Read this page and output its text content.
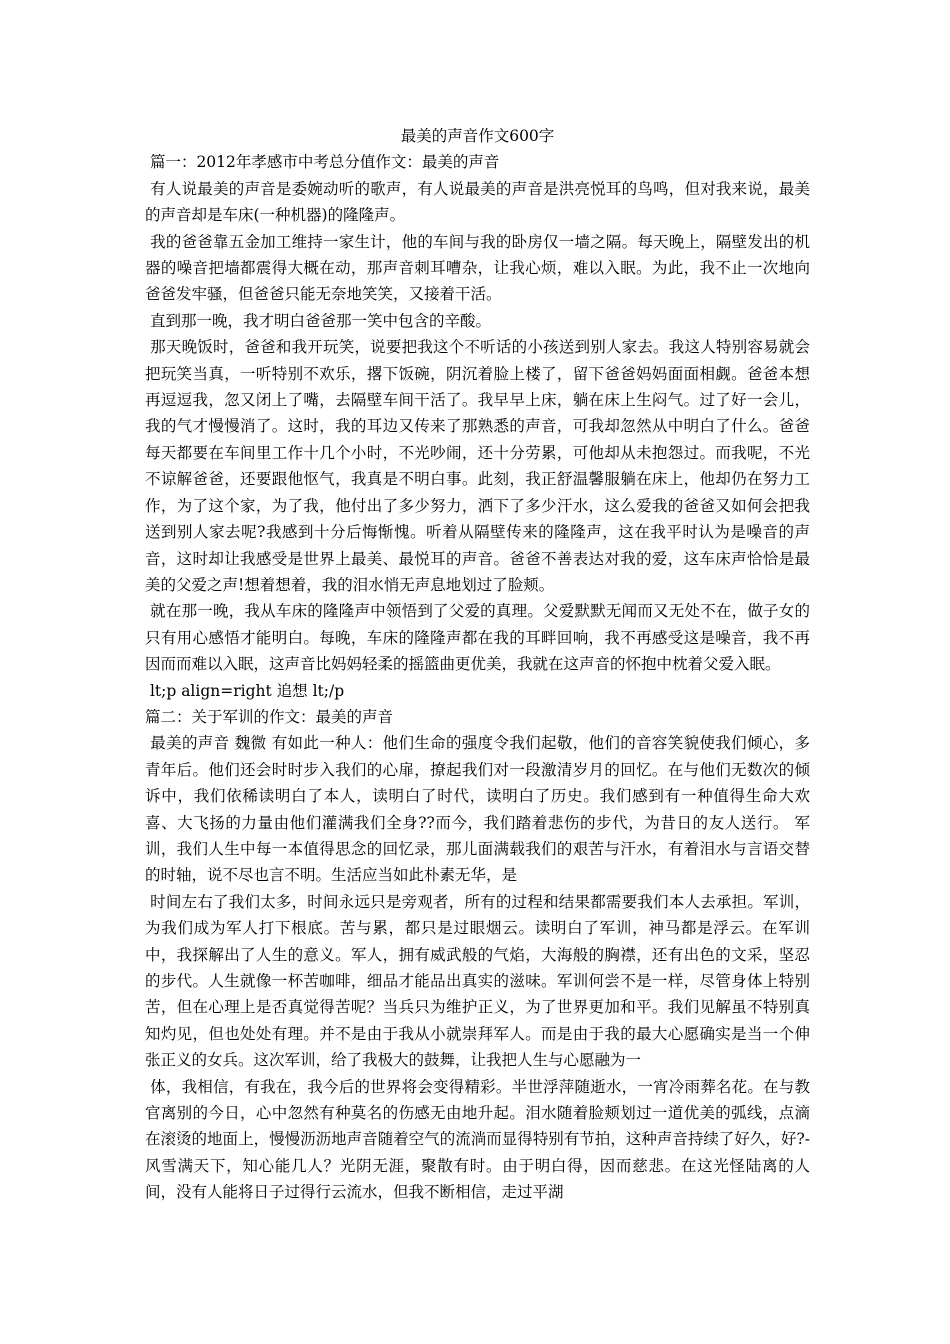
最美的声音作文600字
篇一：2012年孝感市中考总分值作文：最美的声音
有人说最美的声音是委婉动听的歌声，有人说最美的声音是洪亮悦耳的鸟鸣，但对我来说，最美的声音却是车床(一种机器)的隆隆声。
我的爸爸靠五金加工维持一家生计，他的车间与我的卧房仅一墙之隔。每天晚上，隔壁发出的机器的噪音把墙都震得大概在动，那声音刺耳嘈杂，让我心烦，难以入眠。为此，我不止一次地向爸爸发牢骚，但爸爸只能无奈地笑笑，又接着干活。
直到那一晚，我才明白爸爸那一笑中包含的辛酸。
那天晚饭时，爸爸和我开玩笑，说要把我这个不听话的小孩送到别人家去。我这人特别容易就会把玩笑当真，一听特别不欢乐，撂下饭碗，阴沉着脸上楼了，留下爸爸妈妈面面相觑。爸爸本想再逗逗我，忽又闭上了嘴，去隔壁车间干活了。我早早上床，躺在床上生闷气。过了好一会儿，我的气才慢慢消了。这时，我的耳边又传来了那熟悉的声音，可我却忽然从中明白了什么。爸爸每天都要在车间里工作十几个小时，不光吵闹，还十分劳累，可他却从未抱怨过。而我呢，不光不谅解爸爸，还要跟他怄气，我真是不明白事。此刻，我正舒温馨服躺在床上，他却仍在努力工作，为了这个家，为了我，他付出了多少努力，洒下了多少汗水，这么爱我的爸爸又如何会把我送到别人家去呢?我感到十分后悔惭愧。听着从隔壁传来的隆隆声，这在我平时认为是噪音的声音，这时却让我感受是世界上最美、最悦耳的声音。爸爸不善表达对我的爱，这车床声恰恰是最美的父爱之声!想着想着，我的泪水悄无声息地划过了脸颊。
就在那一晚，我从车床的隆隆声中领悟到了父爱的真理。父爱默默无闻而又无处不在，做子女的只有用心感悟才能明白。每晚，车床的隆隆声都在我的耳畔回响，我不再感受这是噪音，我不再因而而难以入眠，这声音比妈妈轻柔的摇篮曲更优美，我就在这声音的怀抱中枕着父爱入眠。
lt;p align=right 追想 lt;/p
篇二：关于军训的作文：最美的声音
最美的声音 魏微 有如此一种人：他们生命的强度令我们起敬，他们的音容笑貌使我们倾心，多青年后。他们还会时时步入我们的心扉，撩起我们对一段激清岁月的回忆。在与他们无数次的倾诉中，我们依稀读明白了本人，读明白了时代，读明白了历史。我们感到有一种值得生命大欢喜、大飞扬的力量由他们灌满我们全身??而今，我们踏着悲伤的步代，为昔日的友人送行。 军训，我们人生中每一本值得思念的回忆录，那儿面满载我们的艰苦与汗水，有着泪水与言语交替的时轴，说不尽也言不明。生活应当如此朴素无华，是
时间左右了我们太多，时间永远只是旁观者，所有的过程和结果都需要我们本人去承担。军训，为我们成为军人打下根底。苦与累，都只是过眼烟云。读明白了军训，神马都是浮云。在军训中，我探解出了人生的意义。军人，拥有威武般的气焰，大海般的胸襟，还有出色的文采，坚忍的步代。人生就像一杯苦咖啡，细品才能品出真实的滋味。军训何尝不是一样，尽管身体上特别苦，但在心理上是否真觉得苦呢？当兵只为维护正义，为了世界更加和平。我们见解虽不特别真知灼见，但也处处有理。并不是由于我从小就崇拜军人。而是由于我的最大心愿确实是当一个伸张正义的女兵。这次军训，给了我极大的鼓舞，让我把人生与心愿融为一
体，我相信，有我在，我今后的世界将会变得精彩。半世浮萍随逝水，一宵冷雨葬名花。在与教官离别的今日，心中忽然有种莫名的伤感无由地升起。泪水随着脸颊划过一道优美的弧线，点滴在滚烫的地面上，慢慢沥沥地声音随着空气的流淌而显得特别有节拍，这种声音持续了好久，好?- 风雪满天下，知心能几人？光阴无涯，聚散有时。由于明白得，因而慈悲。在这光怪陆离的人间，没有人能将日子过得行云流水，但我不断相信，走过平湖
